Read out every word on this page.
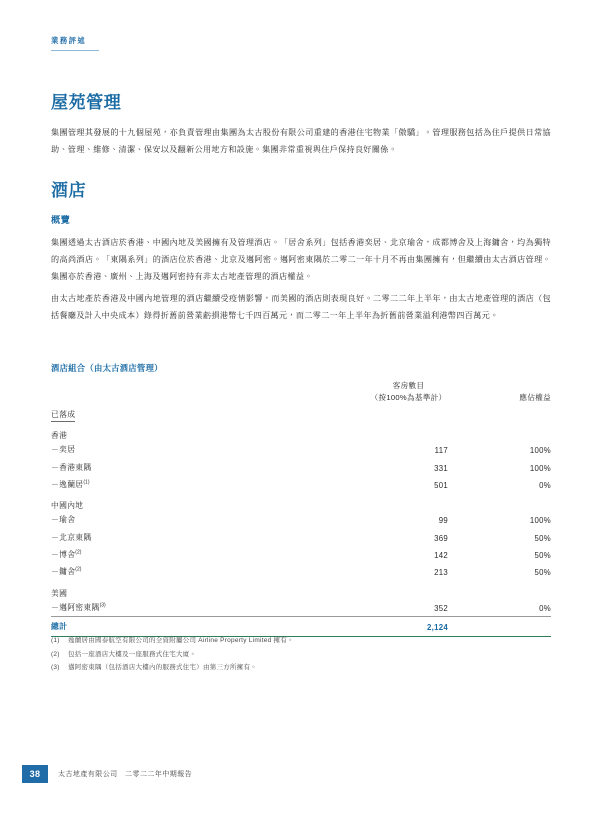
業務評述
屋苑管理
集團管理其發展的十九個屋苑，亦負責管理由集團為太古股份有限公司重建的香港住宅物業「傲驕」。管理服務包括為住戶提供日常協助、管理、維修、清潔、保安以及翻新公用地方和設施。集團非常重視與住戶保持良好關係。
酒店
概覽
集團透過太古酒店於香港、中國內地及美國擁有及管理酒店。「居舍系列」包括香港奕居、北京瑜舍，成都博舍及上海鏞舍，均為獨特的高尚酒店。「東隅系列」的酒店位於香港、北京及邁阿密。邁阿密東隅於二零二一年十月不再由集團擁有，但繼續由太古酒店管理。集團亦於香港、廣州、上海及邁阿密持有非太古地產管理的酒店權益。
由太古地產於香港及中國內地管理的酒店繼續受疫情影響，而美國的酒店則表現良好。二零二二年上半年，由太古地產管理的酒店（包括餐廳及計入中央成本）錄得折舊前營業虧損港幣七千四百萬元，而二零二一年上半年為折舊前營業溢利港幣四百萬元。
酒店組合（由太古酒店管理）

	客房數目
（按100%為基準計）	應佔權益
已落成		
香港		
－奕居	117	100%
－香港東隅	331	100%
－逸蘭居$^{(1)}$	501	0%
中國內地		
－瑜舍	99	100%
－北京東隅	369	50%
－博舍$^{(2)}$	142	50%
－鏞舍$^{(2)}$	213	50%
美國		
－邁阿密東隅$^{(3)}$	352	0%
總計	2,124	
(1)	逸蘭居由國泰航空有限公司的全資附屬公司 Airline Property Limited 擁有。
(2)	包括一座酒店大樓及一座服務式住宅大廈。
(3)	邁阿密東隅（包括酒店大樓內的服務式住宅）由第三方所擁有。
38	太古地產有限公司　二零二二年中期報告
